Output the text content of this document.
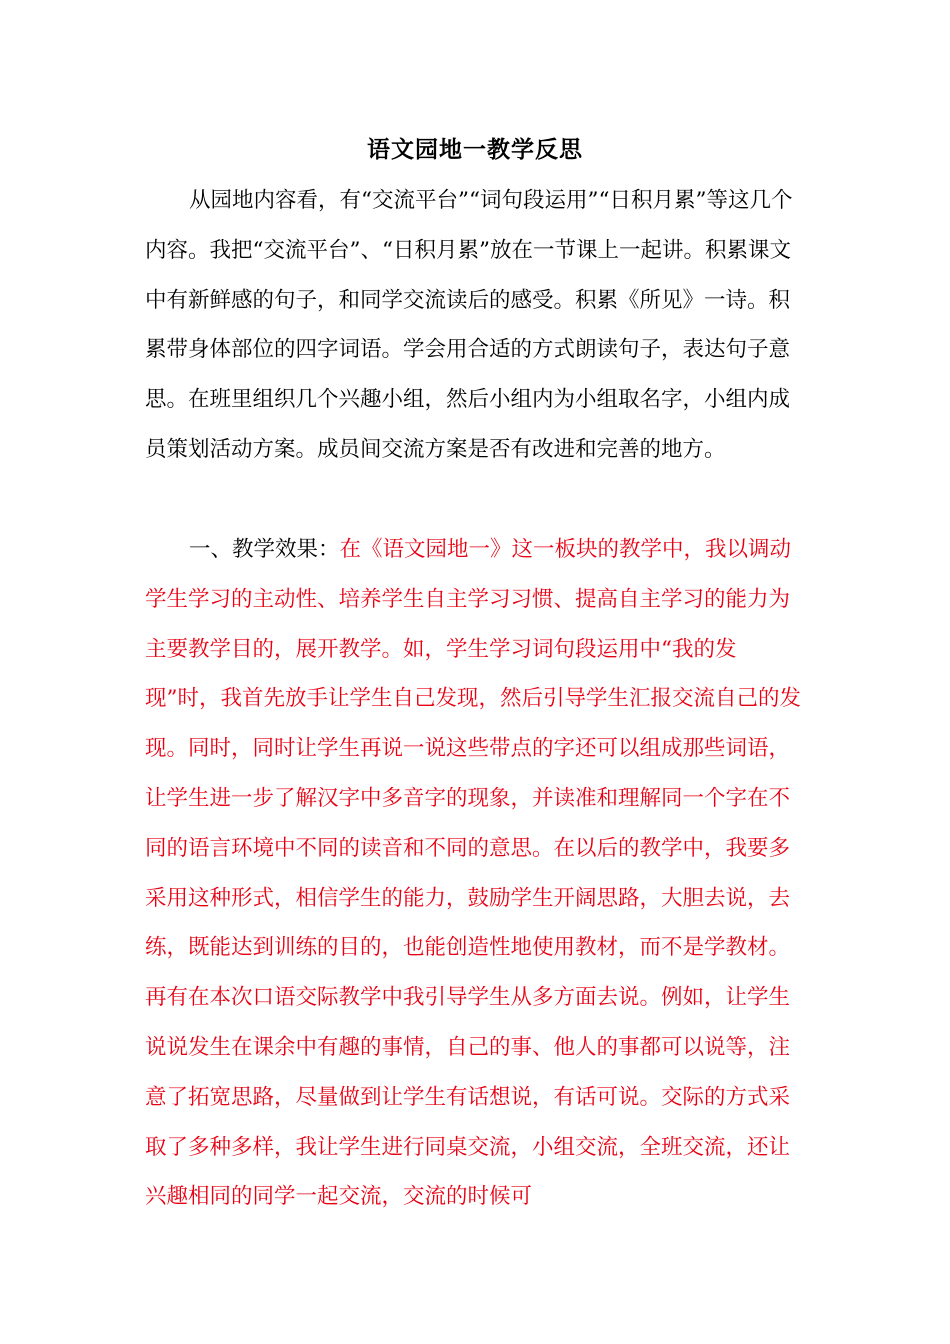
语文园地一教学反思

从园地内容看，有“交流平台”“词句段运用”“日积月累”等这几个内容。我把“交流平台”、“日积月累”放在一节课上一起讲。积累课文中有新鲜感的句子，和同学交流读后的感受。积累《所见》一诗。积累带身体部位的四字词语。学会用合适的方式朗读句子，表达句子意思。在班里组织几个兴趣小组，然后小组内为小组取名字，小组内成员策划活动方案。成员间交流方案是否有改进和完善的地方。

一、教学效果：在《语文园地一》这一板块的教学中，我以调动学生学习的主动性、培养学生自主学习习惯、提高自主学习的能力为主要教学目的，展开教学。如，学生学习词句段运用中“我的发现”时，我首先放手让学生自己发现，然后引导学生汇报交流自己的发现。同时，同时让学生再说一说这些带点的字还可以组成那些词语，让学生进一步了解汉字中多音字的现象，并读准和理解同一个字在不同的语言环境中不同的读音和不同的意思。在以后的教学中，我要多采用这种形式，相信学生的能力，鼓励学生开阔思路，大胆去说，去练，既能达到训练的目的，也能创造性地使用教材，而不是学教材。再有在本次口语交际教学中我引导学生从多方面去说。例如，让学生说说发生在课余中有趣的事情，自己的事、他人的事都可以说等，注意了拓宽思路，尽量做到让学生有话想说，有话可说。交际的方式采取了多种多样，我让学生进行同桌交流，小组交流，全班交流，还让兴趣相同的同学一起交流，交流的时候可
